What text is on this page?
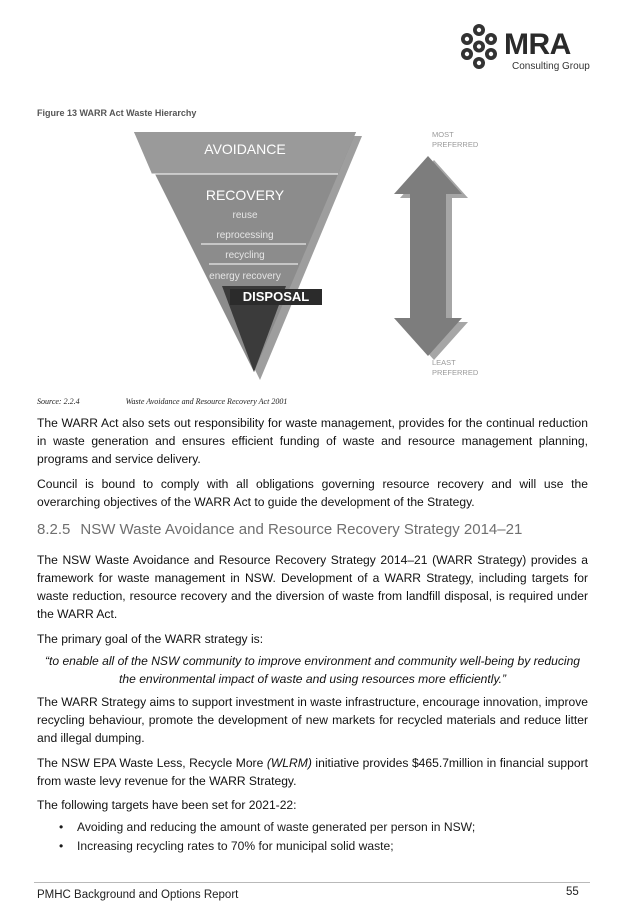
MRA
Consulting Group
Figure 13 WARR Act Waste Hierarchy
AVOIDANCE
RECOVERY
reuse
reprocessing
recycling
energy recovery
DISPOSAL
MOST
PREFERRED
LEAST
PREFERRED
Source: 2.2.4	Waste Avoidance and Resource Recovery Act 2001

The WARR Act also sets out responsibility for waste management, provides for the continual reduction in waste generation and ensures efficient funding of waste and resource management planning, programs and service delivery.

Council is bound to comply with all obligations governing resource recovery and will use the overarching objectives of the WARR Act to guide the development of the Strategy.

8.2.5 NSW Waste Avoidance and Resource Recovery Strategy 2014–21

The NSW Waste Avoidance and Resource Recovery Strategy 2014–21 (WARR Strategy) provides a framework for waste management in NSW. Development of a WARR Strategy, including targets for waste reduction, resource recovery and the diversion of waste from landfill disposal, is required under the WARR Act.

The primary goal of the WARR strategy is:

“to enable all of the NSW community to improve environment and community well-being by reducing the environmental impact of waste and using resources more efficiently.”

The WARR Strategy aims to support investment in waste infrastructure, encourage innovation, improve recycling behaviour, promote the development of new markets for recycled materials and reduce litter and illegal dumping.

The NSW EPA Waste Less, Recycle More (WLRM) initiative provides $465.7million in financial support from waste levy revenue for the WARR Strategy.

The following targets have been set for 2021-22:

• Avoiding and reducing the amount of waste generated per person in NSW;
• Increasing recycling rates to 70% for municipal solid waste;
PMHC Background and Options Report	55
